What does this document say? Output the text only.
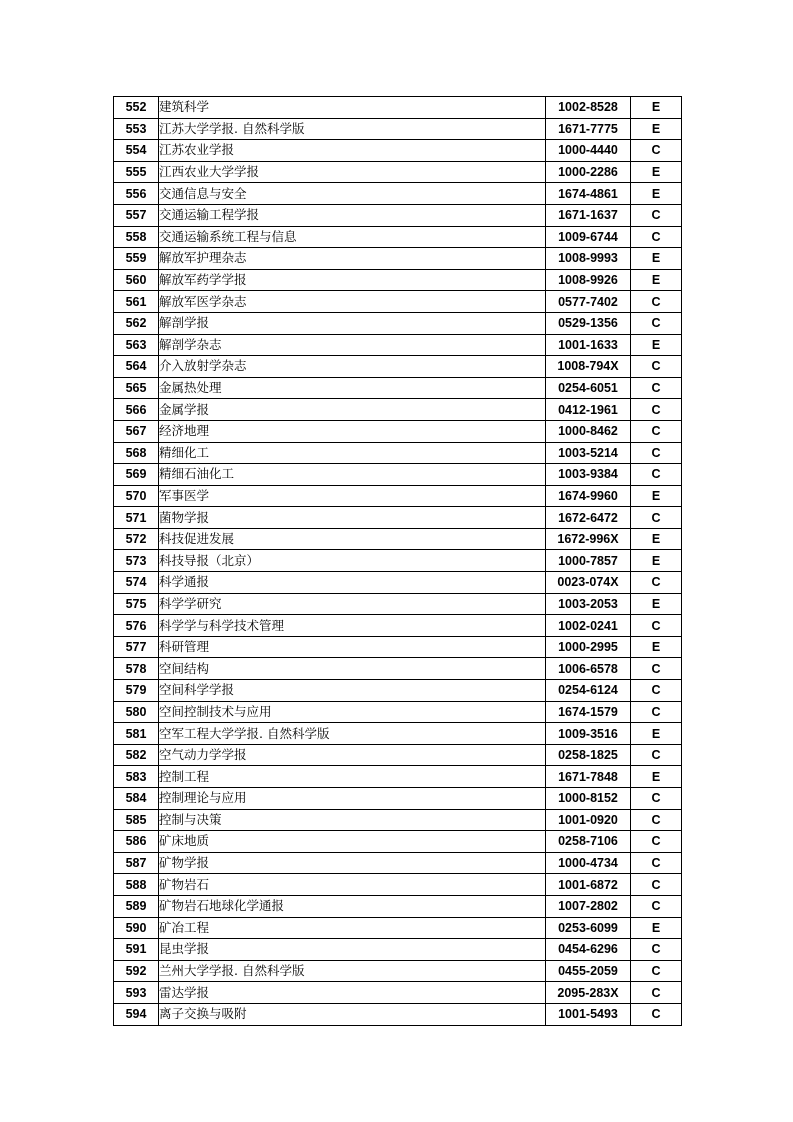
552	建筑科学	1002-8528	E
553	江苏大学学报. 自然科学版	1671-7775	E
554	江苏农业学报	1000-4440	C
555	江西农业大学学报	1000-2286	E
556	交通信息与安全	1674-4861	E
557	交通运输工程学报	1671-1637	C
558	交通运输系统工程与信息	1009-6744	C
559	解放军护理杂志	1008-9993	E
560	解放军药学学报	1008-9926	E
561	解放军医学杂志	0577-7402	C
562	解剖学报	0529-1356	C
563	解剖学杂志	1001-1633	E
564	介入放射学杂志	1008-794X	C
565	金属热处理	0254-6051	C
566	金属学报	0412-1961	C
567	经济地理	1000-8462	C
568	精细化工	1003-5214	C
569	精细石油化工	1003-9384	C
570	军事医学	1674-9960	E
571	菌物学报	1672-6472	C
572	科技促进发展	1672-996X	E
573	科技导报（北京）	1000-7857	E
574	科学通报	0023-074X	C
575	科学学研究	1003-2053	E
576	科学学与科学技术管理	1002-0241	C
577	科研管理	1000-2995	E
578	空间结构	1006-6578	C
579	空间科学学报	0254-6124	C
580	空间控制技术与应用	1674-1579	C
581	空军工程大学学报. 自然科学版	1009-3516	E
582	空气动力学学报	0258-1825	C
583	控制工程	1671-7848	E
584	控制理论与应用	1000-8152	C
585	控制与决策	1001-0920	C
586	矿床地质	0258-7106	C
587	矿物学报	1000-4734	C
588	矿物岩石	1001-6872	C
589	矿物岩石地球化学通报	1007-2802	C
590	矿冶工程	0253-6099	E
591	昆虫学报	0454-6296	C
592	兰州大学学报. 自然科学版	0455-2059	C
593	雷达学报	2095-283X	C
594	离子交换与吸附	1001-5493	C
